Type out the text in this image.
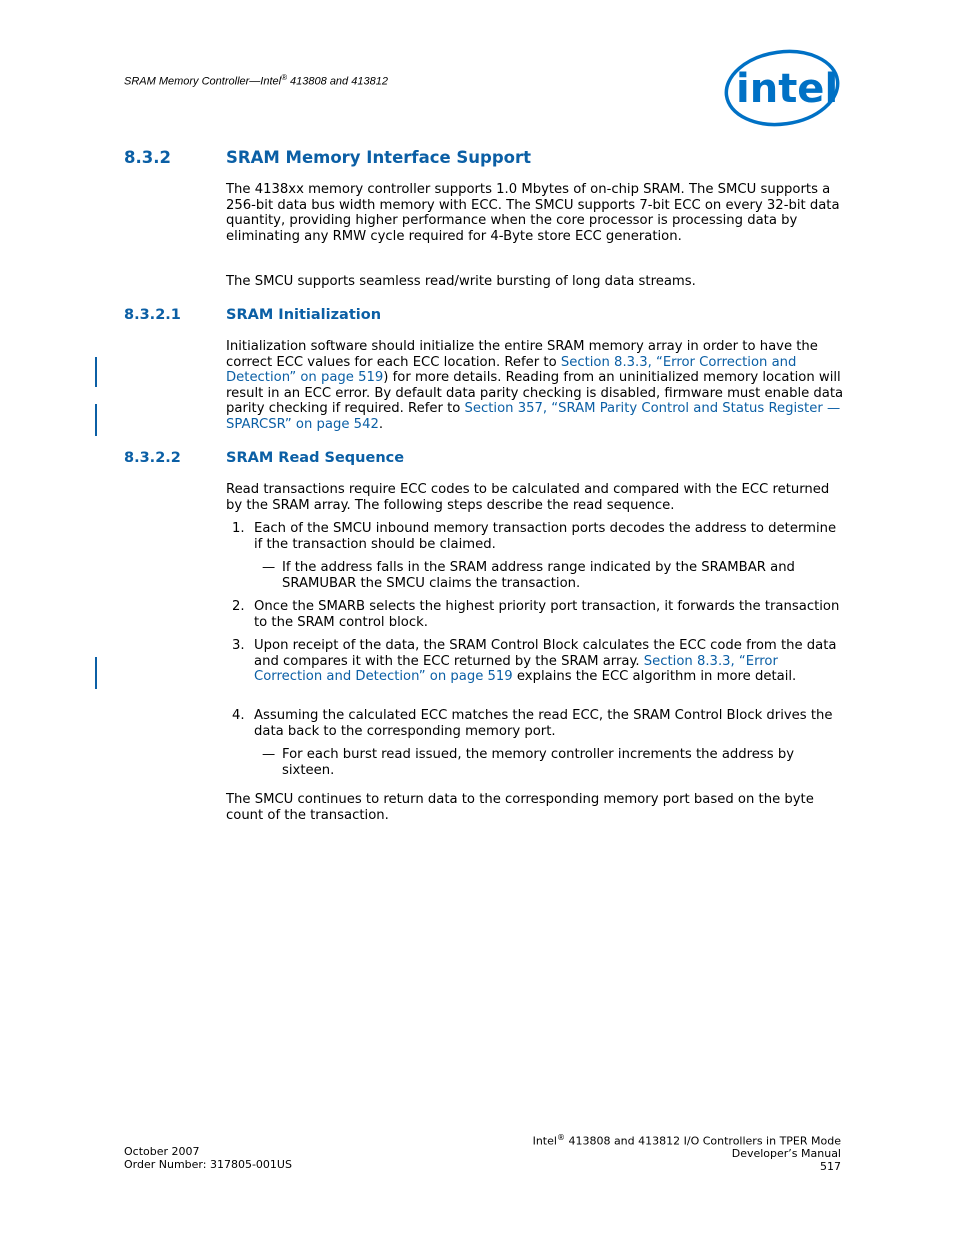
SRAM Memory Controller—Intel® 413808 and 413812	intel
8.3.2	SRAM Memory Interface Support

The 4138xx memory controller supports 1.0 Mbytes of on-chip SRAM. The SMCU supports a 256-bit data bus width memory with ECC. The SMCU supports 7-bit ECC on every 32-bit data quantity, providing higher performance when the core processor is processing data by eliminating any RMW cycle required for 4-Byte store ECC generation.

The SMCU supports seamless read/write bursting of long data streams.

8.3.2.1	SRAM Initialization

Initialization software should initialize the entire SRAM memory array in order to have the correct ECC values for each ECC location. Refer to Section 8.3.3, “Error Correction and Detection” on page 519) for more details. Reading from an uninitialized memory location will result in an ECC error. By default data parity checking is disabled, firmware must enable data parity checking if required. Refer to Section 357, “SRAM Parity Control and Status Register — SPARCSR” on page 542.

8.3.2.2	SRAM Read Sequence

Read transactions require ECC codes to be calculated and compared with the ECC returned by the SRAM array. The following steps describe the read sequence.

1. Each of the SMCU inbound memory transaction ports decodes the address to determine if the transaction should be claimed.
— If the address falls in the SRAM address range indicated by the SRAMBAR and SRAMUBAR the SMCU claims the transaction.
2. Once the SMARB selects the highest priority port transaction, it forwards the transaction to the SRAM control block.
3. Upon receipt of the data, the SRAM Control Block calculates the ECC code from the data and compares it with the ECC returned by the SRAM array. Section 8.3.3, “Error Correction and Detection” on page 519 explains the ECC algorithm in more detail.
4. Assuming the calculated ECC matches the read ECC, the SRAM Control Block drives the data back to the corresponding memory port.
— For each burst read issued, the memory controller increments the address by sixteen.

The SMCU continues to return data to the corresponding memory port based on the byte count of the transaction.

October 2007
Order Number: 317805-001US
Intel® 413808 and 413812 I/O Controllers in TPER Mode
Developer’s Manual
517
